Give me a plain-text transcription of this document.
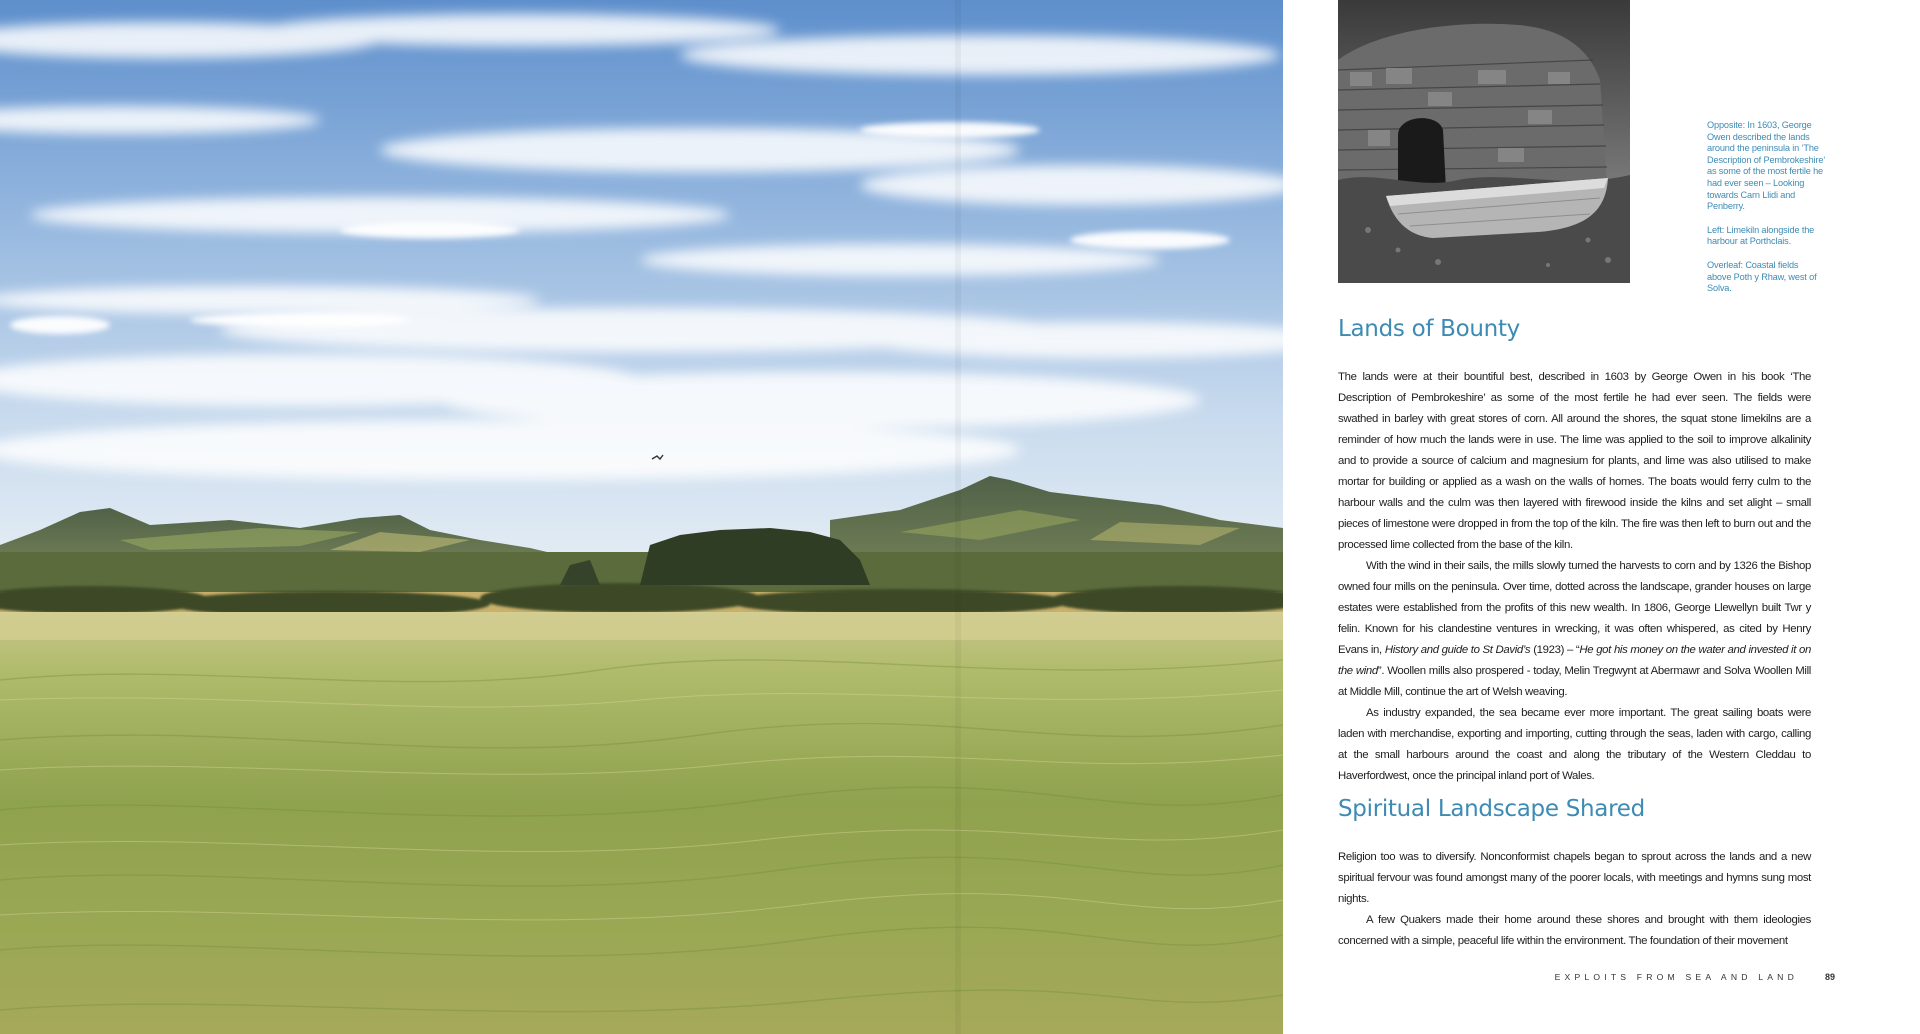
Opposite: In 1603, George Owen described the lands around the peninsula in ‘The Description of Pembrokeshire’ as some of the most fertile he had ever seen – Looking towards Carn Llidi and Penberry.

Left: Limekiln alongside the harbour at Porthclais.

Overleaf: Coastal fields above Poth y Rhaw, west of Solva.

Lands of Bounty

The lands were at their bountiful best, described in 1603 by George Owen in his book ‘The Description of Pembrokeshire’ as some of the most fertile he had ever seen. The fields were swathed in barley with great stores of corn. All around the shores, the squat stone limekilns are a reminder of how much the lands were in use. The lime was applied to the soil to improve alkalinity and to provide a source of calcium and magnesium for plants, and lime was also utilised to make mortar for building or applied as a wash on the walls of homes. The boats would ferry culm to the harbour walls and the culm was then layered with firewood inside the kilns and set alight – small pieces of limestone were dropped in from the top of the kiln. The fire was then left to burn out and the processed lime collected from the base of the kiln.

With the wind in their sails, the mills slowly turned the harvests to corn and by 1326 the Bishop owned four mills on the peninsula. Over time, dotted across the landscape, grander houses on large estates were established from the profits of this new wealth. In 1806, George Llewellyn built Twr y felin. Known for his clandestine ventures in wrecking, it was often whispered, as cited by Henry Evans in, History and guide to St David’s (1923) – “He got his money on the water and invested it on the wind”. Woollen mills also prospered - today, Melin Tregwynt at Abermawr and Solva Woollen Mill at Middle Mill, continue the art of Welsh weaving.

As industry expanded, the sea became ever more important. The great sailing boats were laden with merchandise, exporting and importing, cutting through the seas, laden with cargo, calling at the small harbours around the coast and along the tributary of the Western Cleddau to Haverfordwest, once the principal inland port of Wales.

Spiritual Landscape Shared

Religion too was to diversify. Nonconformist chapels began to sprout across the lands and a new spiritual fervour was found amongst many of the poorer locals, with meetings and hymns sung most nights.

A few Quakers made their home around these shores and brought with them ideologies concerned with a simple, peaceful life within the environment. The foundation of their movement

EXPLOITS FROM SEA AND LAND	89
